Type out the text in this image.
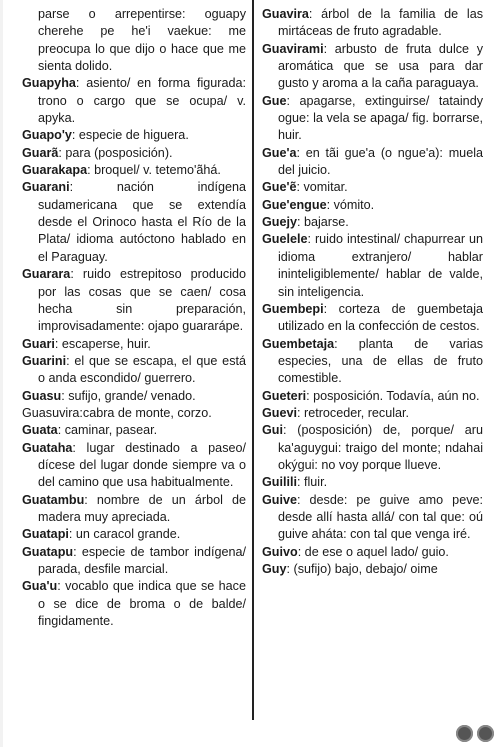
parse o arrepentirse: oguapy cherehe pe he'i vaekue: me preocupa lo que dijo o hace que me sienta dolido.
Guapyha: asiento/ en forma figurada: trono o cargo que se ocupa/ v. apyka.
Guapo'y: especie de higuera.
Guarã: para (posposición).
Guarakapa: broquel/ v. tetemo'ãhá.
Guarani: nación indígena sudamericana que se extendía desde el Orinoco hasta el Río de la Plata/ idioma autóctono hablado en el Paraguay.
Guarara: ruido estrepitoso producido por las cosas que se caen/ cosa hecha sin preparación, improvisadamente: ojapo guararápe.
Guari: escaperse, huir.
Guarini: el que se escapa, el que está o anda escondido/ guerrero.
Guasu: sufijo, grande/ venado.
Guasuvira:cabra de monte, corzo.
Guata: caminar, pasear.
Guataha: lugar destinado a paseo/ dícese del lugar donde siempre va o del camino que usa habitualmente.
Guatambu: nombre de un árbol de madera muy apreciada.
Guatapi: un caracol grande.
Guatapu: especie de tambor indígena/ parada, desfile marcial.
Gua'u: vocablo que indica que se hace o se dice de broma o de balde/ fingidamente.
Guavira: árbol de la familia de las mirtáceas de fruto agradable.
Guavirami: arbusto de fruta dulce y aromática que se usa para dar gusto y aroma a la caña paraguaya.
Gue: apagarse, extinguirse/ tataindy ogue: la vela se apaga/ fig. borrarse, huir.
Gue'a: en tãi gue'a (o ngue'a): muela del juicio.
Gue'ẽ: vomitar.
Gue'engue: vómito.
Guejy: bajarse.
Guelele: ruido intestinal/ chapurrear un idioma extranjero/ hablar ininteligiblemente/ hablar de valde, sin inteligencia.
Guembepi: corteza de guembetaja utilizado en la confección de cestos.
Guembetaja: planta de varias especies, una de ellas de fruto comestible.
Gueteri: posposición. Todavía, aún no.
Guevi: retroceder, recular.
Gui: (posposición) de, porque/ aru ka'aguygui: traigo del monte; ndahai okýgui: no voy porque llueve.
Guilili: fluir.
Guive: desde: pe guive amo peve: desde allí hasta allá/ con tal que: oú guive aháta: con tal que venga iré.
Guivo: de ese o aquel lado/ guio.
Guy: (sufijo) bajo, debajo/ oime
